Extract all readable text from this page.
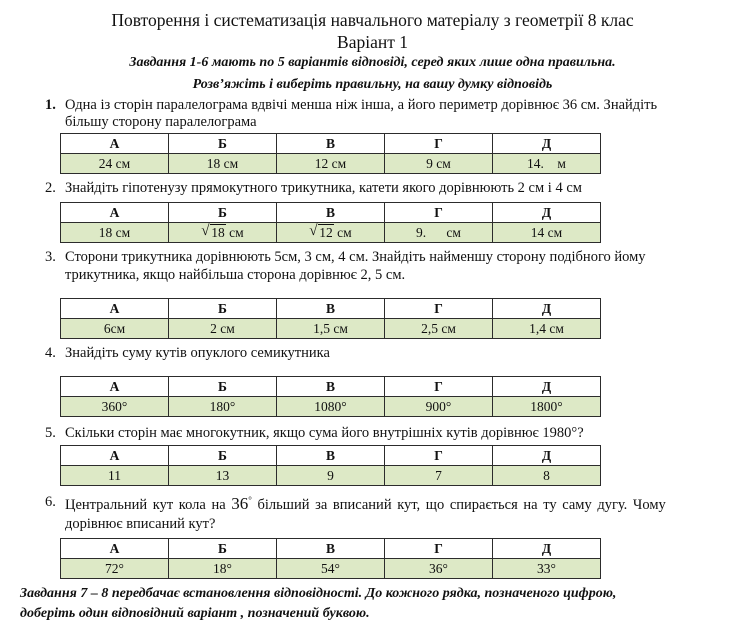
Повторення і систематизація навчального матеріалу з геометрії 8 клас
Варіант 1
Завдання 1-6 мають по 5 варіантів відповіді, серед яких лише одна правильна.
Розв’яжіть і виберіть правильну, на вашу думку відповідь
1. Одна із сторін паралелограма вдвічі менша ніж інша, а його периметр дорівнює 36 см. Знайдіть
більшу сторону паралелограма
А	Б	В	Г	Д
24 см	18 см	12 см	9 см	14.    м
2. Знайдіть гіпотенузу прямокутного трикутника, катети якого дорівнюють 2 см і 4 см
А	Б	В	Г	Д
18 см	√ 18 см	√ 12 см	9.      см	14 см
3. Сторони трикутника дорівнюють 5см, 3 см, 4 см. Знайдіть найменшу сторону подібного йому
трикутника, якщо найбільша сторона дорівнює 2, 5 см.
А	Б	В	Г	Д
6см	2 см	1,5 см	2,5 см	1,4 см
4. Знайдіть суму кутів опуклого семикутника
А	Б	В	Г	Д
360°	180°	1080°	900°	1800°
5. Скільки сторін має многокутник, якщо сума його внутрішніх кутів дорівнює 1980°?
А	Б	В	Г	Д
11	13	9	7	8
6. Центральний кут кола на 36° більший за вписаний кут, що спирається на ту саму дугу. Чому
дорівнює вписаний кут?
А	Б	В	Г	Д
72°	18°	54°	36°	33°
Завдання 7 – 8 передбачає встановлення відповідності. До кожного рядка, позначеного цифрою,
доберіть один відповідний варіант , позначений буквою.
